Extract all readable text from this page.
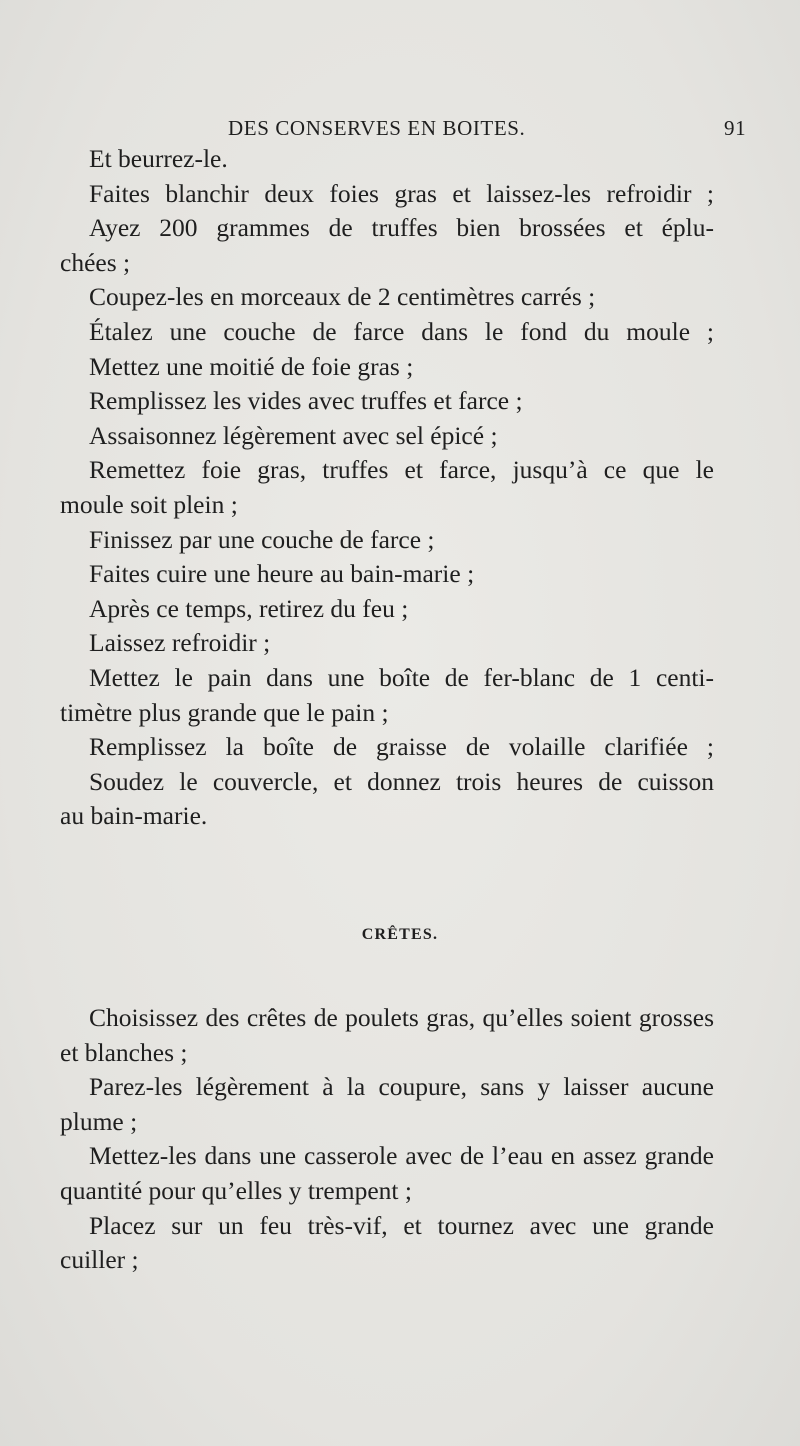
DES CONSERVES EN BOITES.	91
Et beurrez-le.
Faites blanchir deux foies gras et laissez-les refroidir ;
Ayez 200 grammes de truffes bien brossées et éplu-
chées ;
Coupez-les en morceaux de 2 centimètres carrés ;
Étalez une couche de farce dans le fond du moule ;
Mettez une moitié de foie gras ;
Remplissez les vides avec truffes et farce ;
Assaisonnez légèrement avec sel épicé ;
Remettez foie gras, truffes et farce, jusqu’à ce que le
moule soit plein ;
Finissez par une couche de farce ;
Faites cuire une heure au bain-marie ;
Après ce temps, retirez du feu ;
Laissez refroidir ;
Mettez le pain dans une boîte de fer-blanc de 1 centi-
timètre plus grande que le pain ;
Remplissez la boîte de graisse de volaille clarifiée ;
Soudez le couvercle, et donnez trois heures de cuisson
au bain-marie.
CRÊTES.
Choisissez des crêtes de poulets gras, qu’elles soient grosses
et blanches ;
Parez-les légèrement à la coupure, sans y laisser aucune
plume ;
Mettez-les dans une casserole avec de l’eau en assez grande
quantité pour qu’elles y trempent ;
Placez sur un feu très-vif, et tournez avec une grande
cuiller ;
